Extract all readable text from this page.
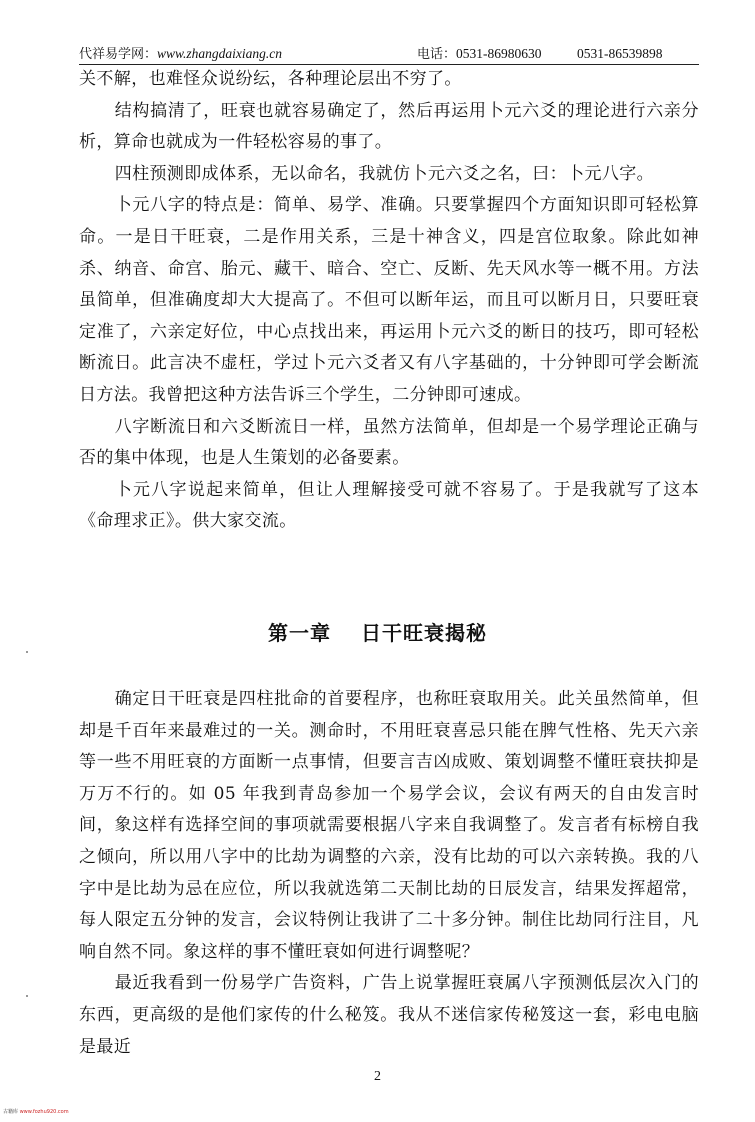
代祥易学网：www.zhangdaixiang.cn	电话：0531-86980630	0531-86539898

关不解，也难怪众说纷纭，各种理论层出不穷了。

结构搞清了，旺衰也就容易确定了，然后再运用卜元六爻的理论进行六亲分析，算命也就成为一件轻松容易的事了。

四柱预测即成体系，无以命名，我就仿卜元六爻之名，曰：卜元八字。

卜元八字的特点是：简单、易学、准确。只要掌握四个方面知识即可轻松算命。一是日干旺衰，二是作用关系，三是十神含义，四是宫位取象。除此如神杀、纳音、命宫、胎元、藏干、暗合、空亡、反断、先天风水等一概不用。方法虽简单，但准确度却大大提高了。不但可以断年运，而且可以断月日，只要旺衰定准了，六亲定好位，中心点找出来，再运用卜元六爻的断日的技巧，即可轻松断流日。此言决不虚枉，学过卜元六爻者又有八字基础的，十分钟即可学会断流日方法。我曾把这种方法告诉三个学生，二分钟即可速成。

八字断流日和六爻断流日一样，虽然方法简单，但却是一个易学理论正确与否的集中体现，也是人生策划的必备要素。

卜元八字说起来简单，但让人理解接受可就不容易了。于是我就写了这本《命理求正》。供大家交流。

第一章 日干旺衰揭秘

确定日干旺衰是四柱批命的首要程序，也称旺衰取用关。此关虽然简单，但却是千百年来最难过的一关。测命时，不用旺衰喜忌只能在脾气性格、先天六亲等一些不用旺衰的方面断一点事情，但要言吉凶成败、策划调整不懂旺衰扶抑是万万不行的。如 05 年我到青岛参加一个易学会议，会议有两天的自由发言时间，象这样有选择空间的事项就需要根据八字来自我调整了。发言者有标榜自我之倾向，所以用八字中的比劫为调整的六亲，没有比劫的可以六亲转换。我的八字中是比劫为忌在应位，所以我就选第二天制比劫的日辰发言，结果发挥超常，每人限定五分钟的发言，会议特例让我讲了二十多分钟。制住比劫同行注目，凡响自然不同。象这样的事不懂旺衰如何进行调整呢？

最近我看到一份易学广告资料，广告上说掌握旺衰属八字预测低层次入门的东西，更高级的是他们家传的什么秘笈。我从不迷信家传秘笈这一套，彩电电脑是最近

2
古籍库 www.fozhu920.com
